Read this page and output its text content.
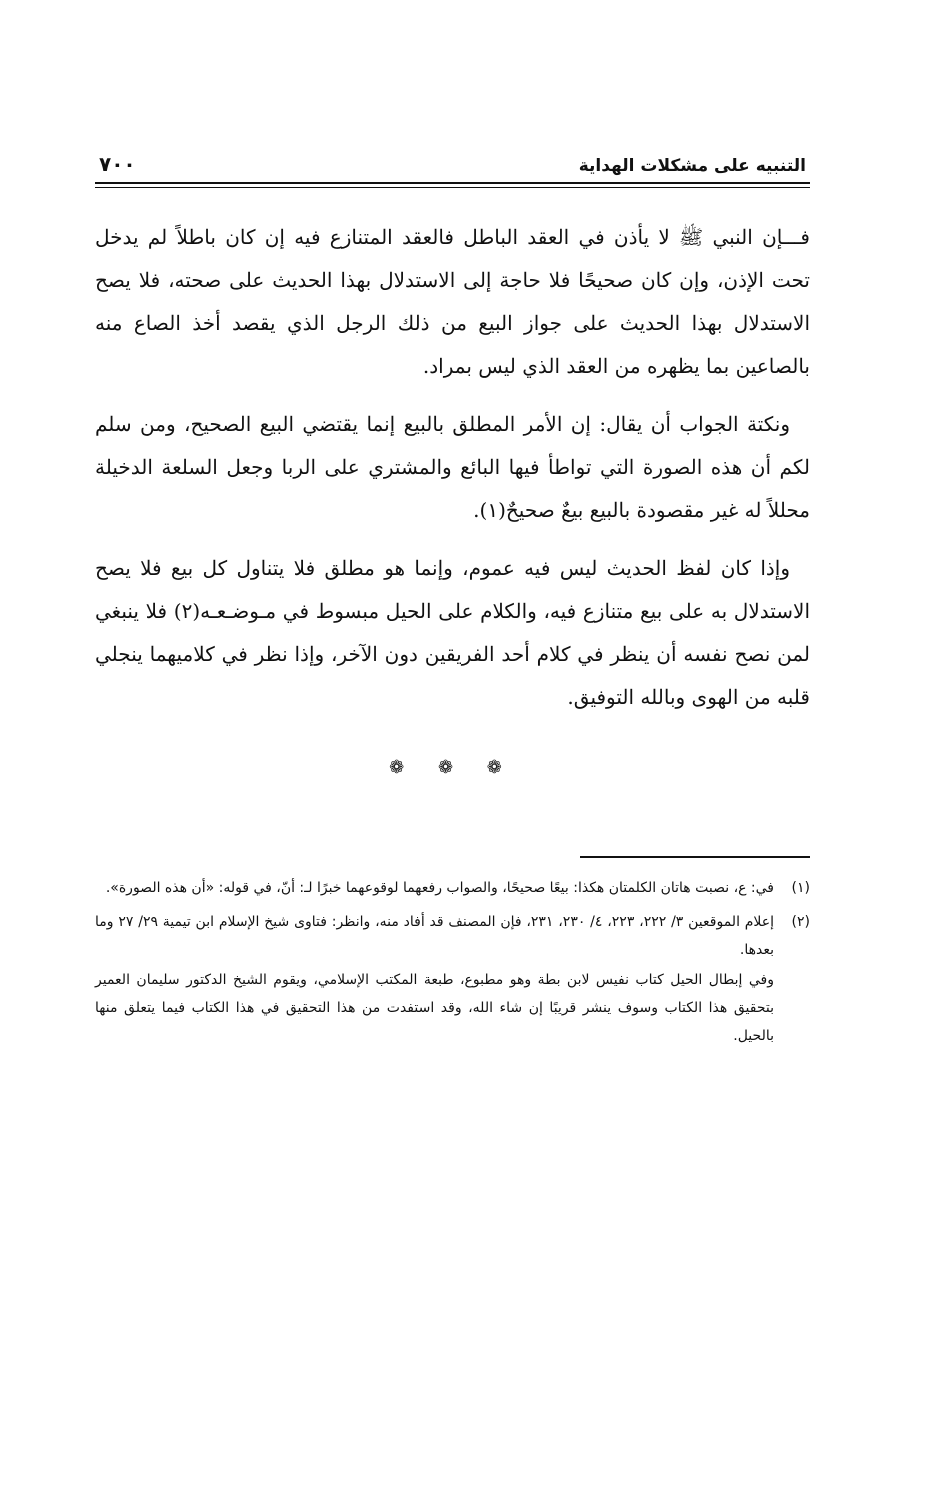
التنبيه على مشكلات الهداية
٧٠٠

فـــإن النبي ﷺ لا يأذن في العقد الباطل فالعقد المتنازع فيه إن كان باطلاً لم يدخل تحت الإذن، وإن كان صحيحًا فلا حاجة إلى الاستدلال بهذا الحديث على صحته، فلا يصح الاستدلال بهذا الحديث على جواز البيع من ذلك الرجل الذي يقصد أخذ الصاع منه بالصاعين بما يظهره من العقد الذي ليس بمراد.

ونكتة الجواب أن يقال: إن الأمر المطلق بالبيع إنما يقتضي البيع الصحيح، ومن سلم لكم أن هذه الصورة التي تواطأ فيها البائع والمشتري على الربا وجعل السلعة الدخيلة محللاً له غير مقصودة بالبيع بيعٌ صحيحٌ(١).

وإذا كان لفظ الحديث ليس فيه عموم، وإنما هو مطلق فلا يتناول كل بيع فلا يصح الاستدلال به على بيع متنازع فيه، والكلام على الحيل مبسوط في مـوضـعـه(٢) فلا ينبغي لمن نصح نفسه أن ينظر في كلام أحد الفريقين دون الآخر، وإذا نظر في كلاميهما ينجلي قلبه من الهوى وبالله التوفيق.

❁ ❁ ❁
(١)
في: ع، نصبت هاتان الكلمتان هكذا: بيعًا صحيحًا، والصواب رفعهما لوقوعهما خبرًا لـ: أنّ، في قوله: «أن هذه الصورة».
(٢)
إعلام الموقعين ٣/ ٢٢٢، ٢٢٣، ٤/ ٢٣٠، ٢٣١، فإن المصنف قد أفاد منه، وانظر: فتاوى شيخ الإسلام ابن تيمية ٢٩/ ٢٧ وما بعدها.

وفي إبطال الحيل كتاب نفيس لابن بطة وهو مطبوع، طبعة المكتب الإسلامي، ويقوم الشيخ الدكتور سليمان العمير بتحقيق هذا الكتاب وسوف ينشر قريبًا إن شاء الله، وقد استفدت من هذا التحقيق في هذا الكتاب فيما يتعلق منها بالحيل.
